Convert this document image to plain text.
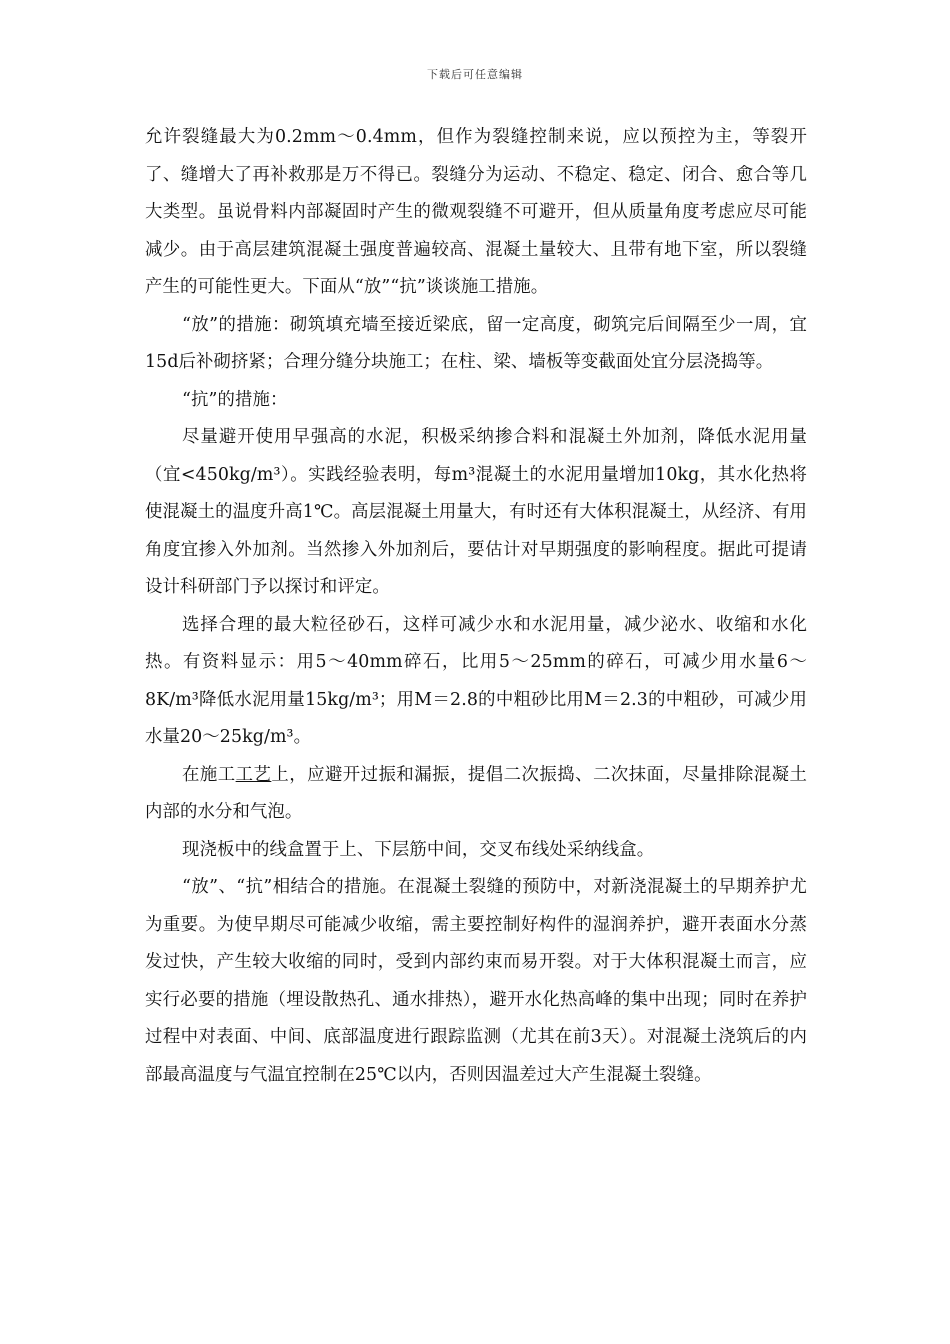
下载后可任意编辑

允许裂缝最大为0.2mm～0.4mm，但作为裂缝控制来说，应以预控为主，等裂开了、缝增大了再补救那是万不得已。裂缝分为运动、不稳定、稳定、闭合、愈合等几大类型。虽说骨料内部凝固时产生的微观裂缝不可避开，但从质量角度考虑应尽可能减少。由于高层建筑混凝土强度普遍较高、混凝土量较大、且带有地下室，所以裂缝产生的可能性更大。下面从“放”“抗”谈谈施工措施。

“放”的措施：砌筑填充墙至接近梁底，留一定高度，砌筑完后间隔至少一周，宜15d后补砌挤紧；合理分缝分块施工；在柱、梁、墙板等变截面处宜分层浇捣等。

“抗”的措施：

尽量避开使用早强高的水泥，积极采纳掺合料和混凝土外加剂，降低水泥用量（宜<450kg/m³）。实践经验表明，每m³混凝土的水泥用量增加10kg，其水化热将使混凝土的温度升高1℃。高层混凝土用量大，有时还有大体积混凝土，从经济、有用角度宜掺入外加剂。当然掺入外加剂后，要估计对早期强度的影响程度。据此可提请设计科研部门予以探讨和评定。

选择合理的最大粒径砂石，这样可减少水和水泥用量，减少泌水、收缩和水化热。有资料显示：用5～40mm碎石，比用5～25mm的碎石，可减少用水量6～8K/m³降低水泥用量15kg/m³；用M＝2.8的中粗砂比用M＝2.3的中粗砂，可减少用水量20～25kg/m³。

在施工工艺上，应避开过振和漏振，提倡二次振捣、二次抹面，尽量排除混凝土内部的水分和气泡。

现浇板中的线盒置于上、下层筋中间，交叉布线处采纳线盒。

“放”、“抗”相结合的措施。在混凝土裂缝的预防中，对新浇混凝土的早期养护尤为重要。为使早期尽可能减少收缩，需主要控制好构件的湿润养护，避开表面水分蒸发过快，产生较大收缩的同时，受到内部约束而易开裂。对于大体积混凝土而言，应实行必要的措施（埋设散热孔、通水排热），避开水化热高峰的集中出现；同时在养护过程中对表面、中间、底部温度进行跟踪监测（尤其在前3天）。对混凝土浇筑后的内部最高温度与气温宜控制在25℃以内，否则因温差过大产生混凝土裂缝。
